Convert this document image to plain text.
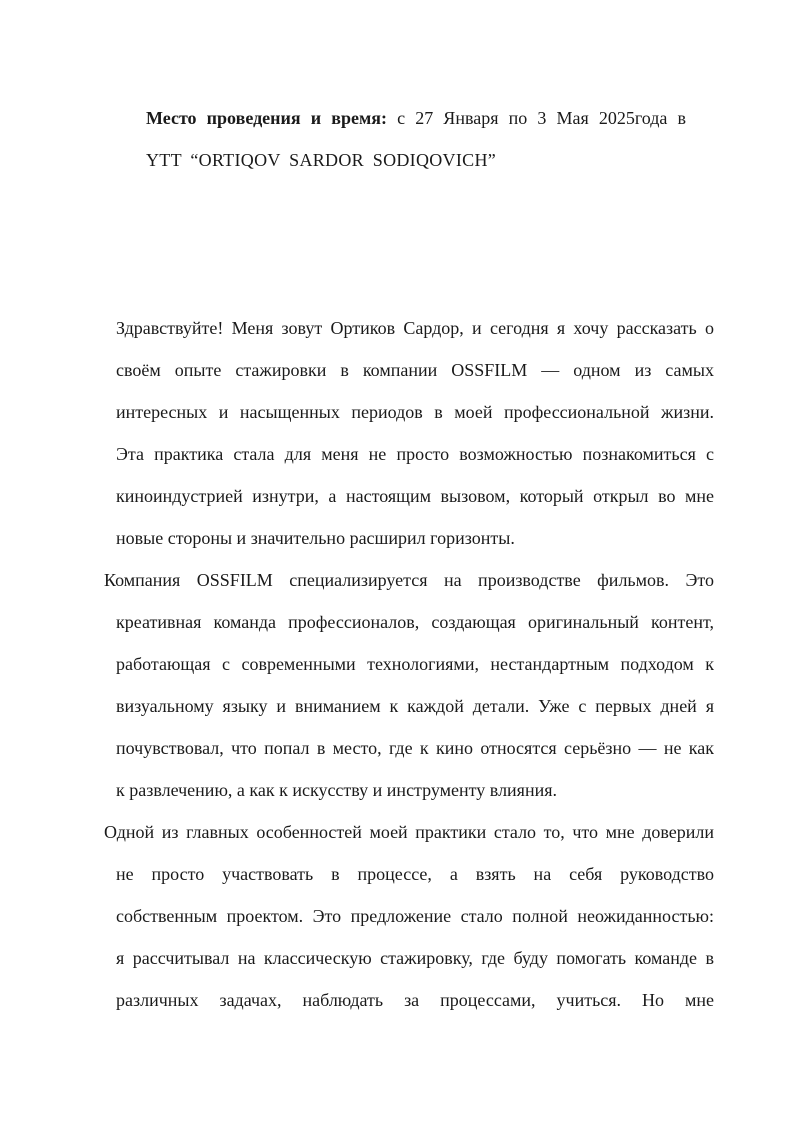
Место проведения и время: с 27 Января по 3 Мая 2025года в
YTT “ORTIQOV SARDOR SODIQOVICH”
Здравствуйте! Меня зовут Ортиков Сардор, и сегодня я хочу рассказать о
своём опыте стажировки в компании OSSFILM — одном из самых
интересных и насыщенных периодов в моей профессиональной жизни.
Эта практика стала для меня не просто возможностью познакомиться с
киноиндустрией изнутри, а настоящим вызовом, который открыл во мне
новые стороны и значительно расширил горизонты.
Компания OSSFILM специализируется на производстве фильмов. Это
креативная команда профессионалов, создающая оригинальный контент,
работающая с современными технологиями, нестандартным подходом к
визуальному языку и вниманием к каждой детали. Уже с первых дней я
почувствовал, что попал в место, где к кино относятся серьёзно — не как
к развлечению, а как к искусству и инструменту влияния.
Одной из главных особенностей моей практики стало то, что мне доверили
не просто участвовать в процессе, а взять на себя руководство
собственным проектом. Это предложение стало полной неожиданностью:
я рассчитывал на классическую стажировку, где буду помогать команде в
различных задачах, наблюдать за процессами, учиться. Но мне
